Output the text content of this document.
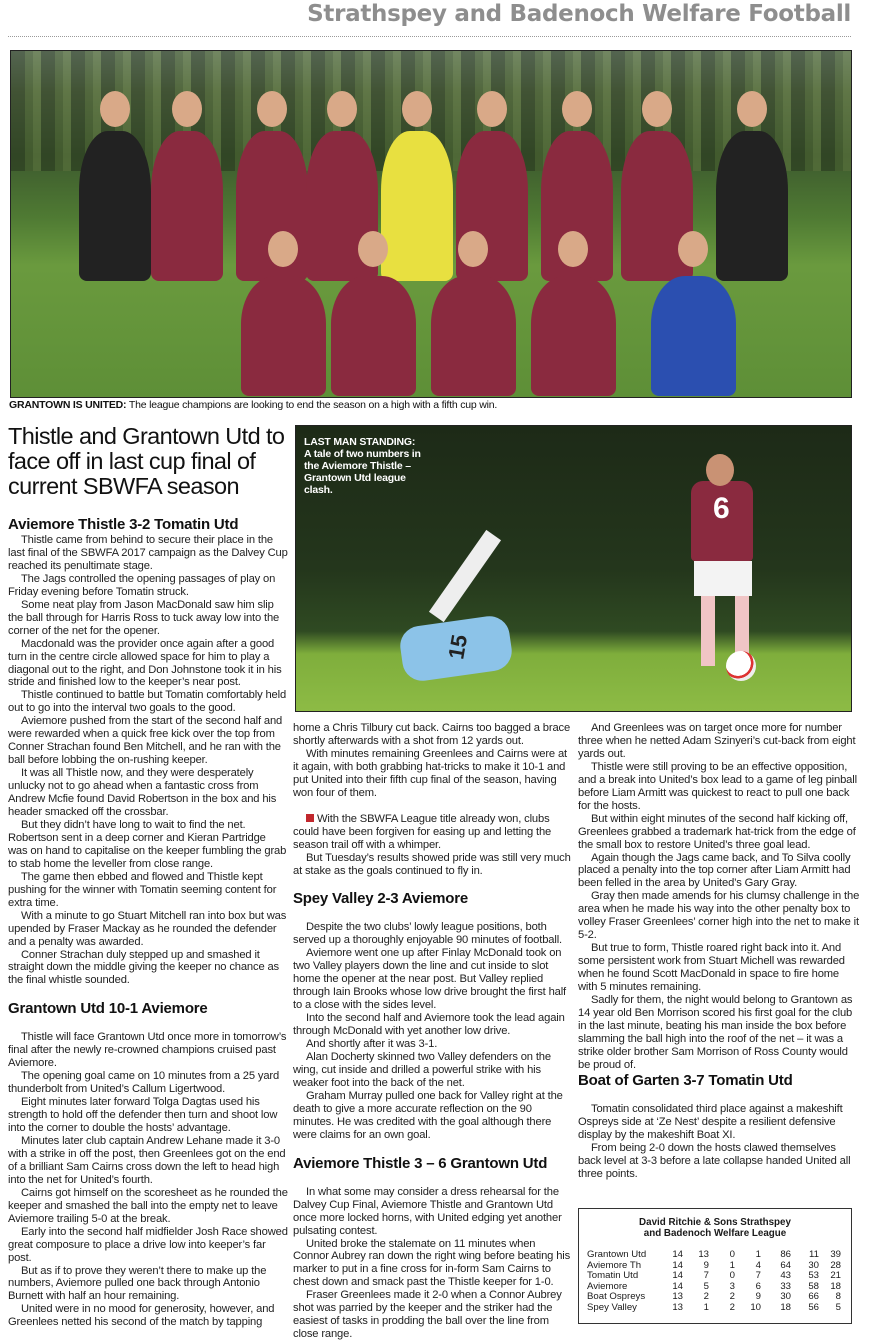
Strathspey and Badenoch Welfare Football
GRANTOWN IS UNITED: The league champions are looking to end the season on a high with a fifth cup win.
Thistle and Grantown Utd to face off in last cup final of current SBWFA season
LAST MAN STANDING: A tale of two numbers in the Aviemore Thistle – Grantown Utd league clash.
6
15
Aviemore Thistle 3-2 Tomatin Utd

Thistle came from behind to secure their place in the last final of the SBWFA 2017 campaign as the Dalvey Cup reached its penultimate stage.

The Jags controlled the opening passages of play on Friday evening before Tomatin struck.

Some neat play from Jason MacDonald saw him slip the ball through for Harris Ross to tuck away low into the corner of the net for the opener.

Macdonald was the provider once again after a good turn in the centre circle allowed space for him to play a diagonal out to the right, and Don Johnstone took it in his stride and finished low to the keeper’s near post.

Thistle continued to battle but Tomatin comfortably held out to go into the interval two goals to the good.

Aviemore pushed from the start of the second half and were rewarded when a quick free kick over the top from Conner Strachan found Ben Mitchell, and he ran with the ball before lobbing the on-rushing keeper.

It was all Thistle now, and they were desperately unlucky not to go ahead when a fantastic cross from Andrew Mcfie found David Robertson in the box and his header smacked off the crossbar.

But they didn’t have long to wait to find the net. Robertson sent in a deep corner and Kieran Partridge was on hand to capitalise on the keeper fumbling the grab to stab home the leveller from close range.

The game then ebbed and flowed and Thistle kept pushing for the winner with Tomatin seeming content for extra time.

With a minute to go Stuart Mitchell ran into box but was upended by Fraser Mackay as he rounded the defender and a penalty was awarded.

Conner Strachan duly stepped up and smashed it straight down the middle giving the keeper no chance as the final whistle sounded.

Grantown Utd 10-1 Aviemore

Thistle will face Grantown Utd once more in tomorrow’s final after the newly re-crowned champions cruised past Aviemore.

The opening goal came on 10 minutes from a 25 yard thunderbolt from United’s Callum Ligertwood.

Eight minutes later forward Tolga Dagtas used his strength to hold off the defender then turn and shoot low into the corner to double the hosts’ advantage.

Minutes later club captain Andrew Lehane made it 3-0 with a strike in off the post, then Greenlees got on the end of a brilliant Sam Cairns cross down the left to head high into the net for United’s fourth.

Cairns got himself on the scoresheet as he rounded the keeper and smashed the ball into the empty net to leave Aviemore trailing 5-0 at the break.

Early into the second half midfielder Josh Race showed great composure to place a drive low into keeper’s far post.

But as if to prove they weren’t there to make up the numbers, Aviemore pulled one back through Antonio Burnett with half an hour remaining.

United were in no mood for generosity, however, and Greenlees netted his second of the match by tapping

home a Chris Tilbury cut back. Cairns too bagged a brace shortly afterwards with a shot from 12 yards out.

With minutes remaining Greenlees and Cairns were at it again, with both grabbing hat-tricks to make it 10-1 and put United into their fifth cup final of the season, having won four of them.

With the SBWFA League title already won, clubs could have been forgiven for easing up and letting the season trail off with a whimper.

But Tuesday’s results showed pride was still very much at stake as the goals continued to fly in.

Spey Valley 2-3 Aviemore

Despite the two clubs’ lowly league positions, both served up a thoroughly enjoyable 90 minutes of football.

Aviemore went one up after Finlay McDonald took on two Valley players down the line and cut inside to slot home the opener at the near post. But Valley replied through Iain Brooks whose low drive brought the first half to a close with the sides level.

Into the second half and Aviemore took the lead again through McDonald with yet another low drive.

And shortly after it was 3-1.

Alan Docherty skinned two Valley defenders on the wing, cut inside and drilled a powerful strike with his weaker foot into the back of the net.

Graham Murray pulled one back for Valley right at the death to give a more accurate reflection on the 90 minutes. He was credited with the goal although there were claims for an own goal.

Aviemore Thistle 3 – 6 Grantown Utd

In what some may consider a dress rehearsal for the Dalvey Cup Final, Aviemore Thistle and Grantown Utd once more locked horns, with United edging yet another pulsating contest.

United broke the stalemate on 11 minutes when Connor Aubrey ran down the right wing before beating his marker to put in a fine cross for in-form Sam Cairns to chest down and smack past the Thistle keeper for 1-0.

Fraser Greenlees made it 2-0 when a Connor Aubrey shot was parried by the keeper and the striker had the easiest of tasks in prodding the ball over the line from close range.

And Greenlees was on target once more for number three when he netted Adam Szinyeri’s cut-back from eight yards out.

Thistle were still proving to be an effective opposition, and a break into United’s box lead to a game of leg pinball before Liam Armitt was quickest to react to pull one back for the hosts.

But within eight minutes of the second half kicking off, Greenlees grabbed a trademark hat-trick from the edge of the small box to restore United’s three goal lead.

Again though the Jags came back, and To Silva coolly placed a penalty into the top corner after Liam Armitt had been felled in the area by United’s Gary Gray.

Gray then made amends for his clumsy challenge in the area when he made his way into the other penalty box to volley Fraser Greenlees’ corner high into the net to make it 5-2.

But true to form, Thistle roared right back into it. And some persistent work from Stuart Michell was rewarded when he found Scott MacDonald in space to fire home with 5 minutes remaining.

Sadly for them, the night would belong to Grantown as 14 year old Ben Morrison scored his first goal for the club in the last minute, beating his man inside the box before slamming the ball high into the roof of the net – it was a strike older brother Sam Morrison of Ross County would be proud of.

Boat of Garten 3-7 Tomatin Utd

Tomatin consolidated third place against a makeshift Ospreys side at ‘Ze Nest’ despite a resilient defensive display by the makeshift Boat XI.

From being 2-0 down the hosts clawed themselves back level at 3-3 before a late collapse handed United all three points.

David Ritchie & Sons Strathspey
and Badenoch Welfare League
Grantown Utd	14	13	0	1	86	11	39
Aviemore Th	14	9	1	4	64	30	28
Tomatin Utd	14	7	0	7	43	53	21
Aviemore	14	5	3	6	33	58	18
Boat Ospreys	13	2	2	9	30	66	8
Spey Valley	13	1	2	10	18	56	5
